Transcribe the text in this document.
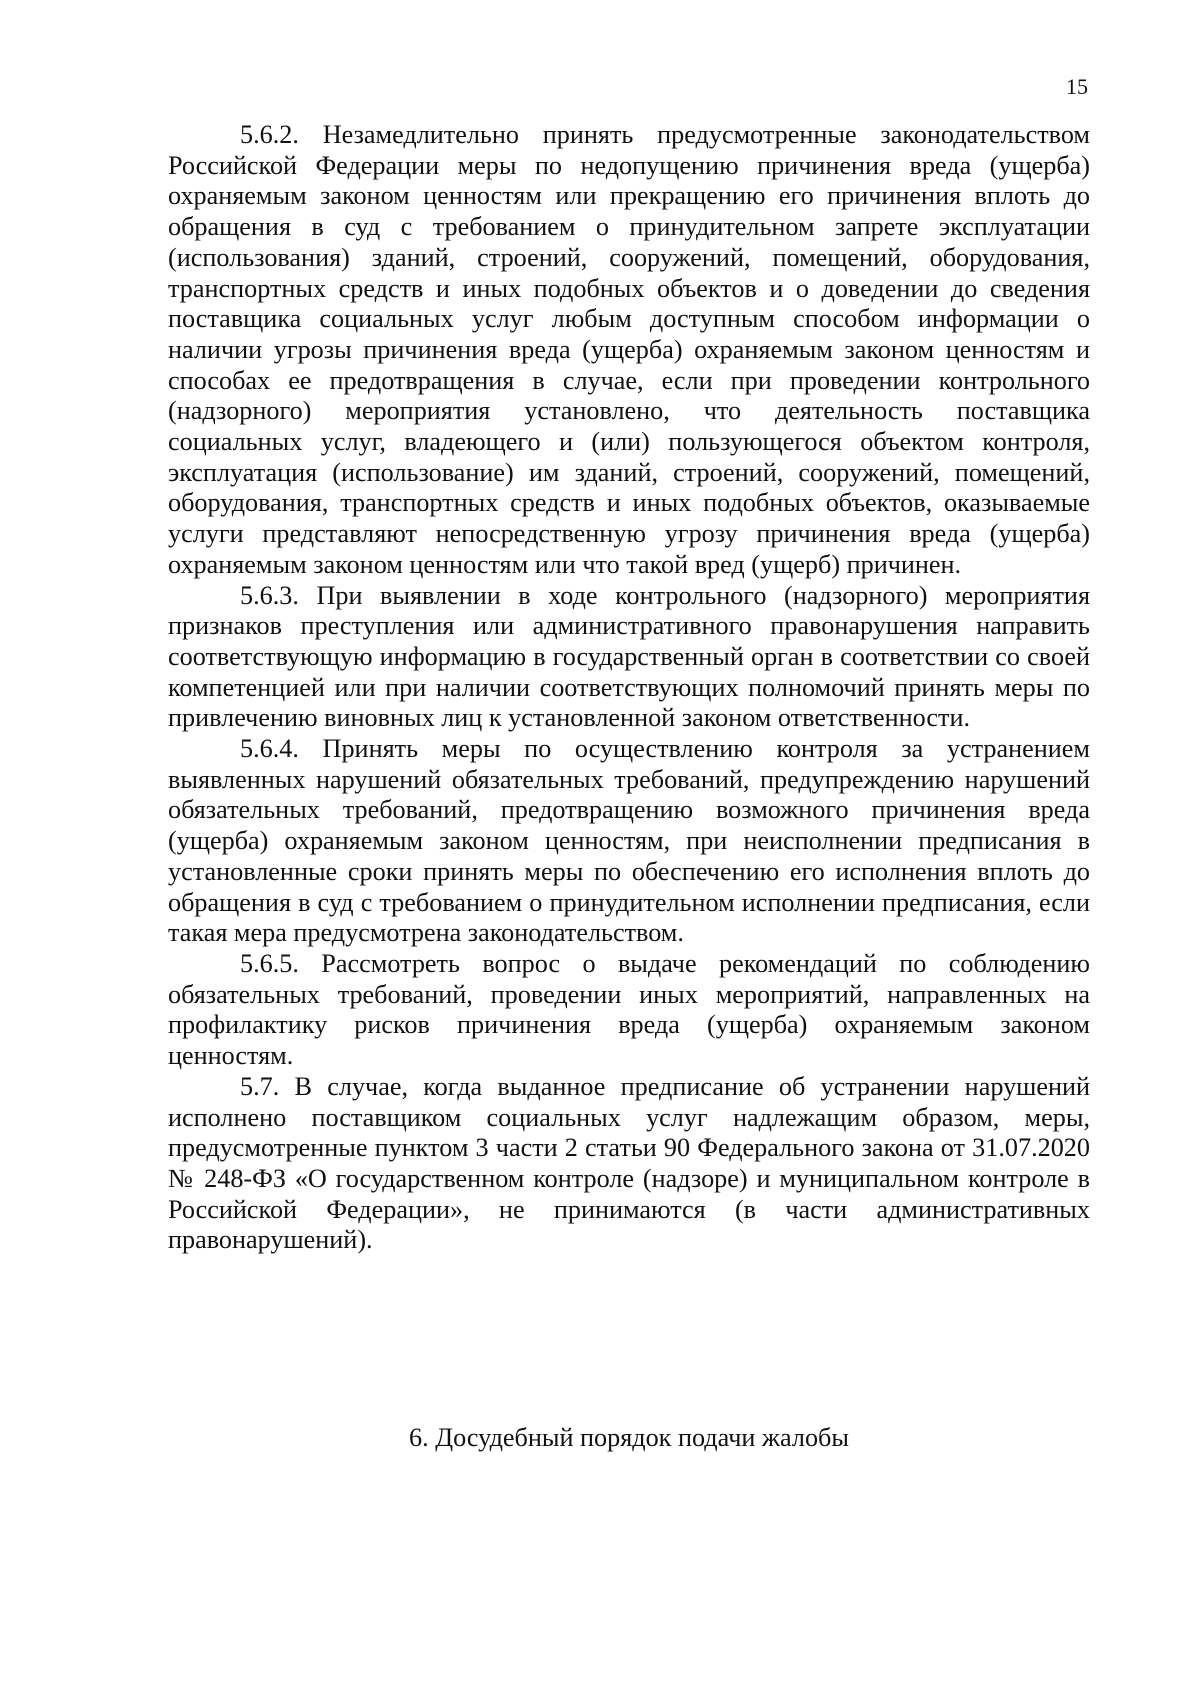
15

5.6.2. Незамедлительно принять предусмотренные законодательством Российской Федерации меры по недопущению причинения вреда (ущерба) охраняемым законом ценностям или прекращению его причинения вплоть до обращения в суд с требованием о принудительном запрете эксплуатации (использования) зданий, строений, сооружений, помещений, оборудования, транспортных средств и иных подобных объектов и о доведении до сведения поставщика социальных услуг любым доступным способом информации о наличии угрозы причинения вреда (ущерба) охраняемым законом ценностям и способах ее предотвращения в случае, если при проведении контрольного (надзорного) мероприятия установлено, что деятельность поставщика социальных услуг, владеющего и (или) пользующегося объектом контроля, эксплуатация (использование) им зданий, строений, сооружений, помещений, оборудования, транспортных средств и иных подобных объектов, оказываемые услуги представляют непосредственную угрозу причинения вреда (ущерба) охраняемым законом ценностям или что такой вред (ущерб) причинен.

5.6.3. При выявлении в ходе контрольного (надзорного) мероприятия признаков преступления или административного правонарушения направить соответствующую информацию в государственный орган в соответствии со своей компетенцией или при наличии соответствующих полномочий принять меры по привлечению виновных лиц к установленной законом ответственности.

5.6.4. Принять меры по осуществлению контроля за устранением выявленных нарушений обязательных требований, предупреждению нарушений обязательных требований, предотвращению возможного причинения вреда (ущерба) охраняемым законом ценностям, при неисполнении предписания в установленные сроки принять меры по обеспечению его исполнения вплоть до обращения в суд с требованием о принудительном исполнении предписания, если такая мера предусмотрена законодательством.

5.6.5. Рассмотреть вопрос о выдаче рекомендаций по соблюдению обязательных требований, проведении иных мероприятий, направленных на профилактику рисков причинения вреда (ущерба) охраняемым законом ценностям.

5.7. В случае, когда выданное предписание об устранении нарушений исполнено поставщиком социальных услуг надлежащим образом, меры, предусмотренные пунктом 3 части 2 статьи 90 Федерального закона от 31.07.2020 № 248-ФЗ «О государственном контроле (надзоре) и муниципальном контроле в Российской Федерации», не принимаются (в части административных правонарушений).

6. Досудебный порядок подачи жалобы
